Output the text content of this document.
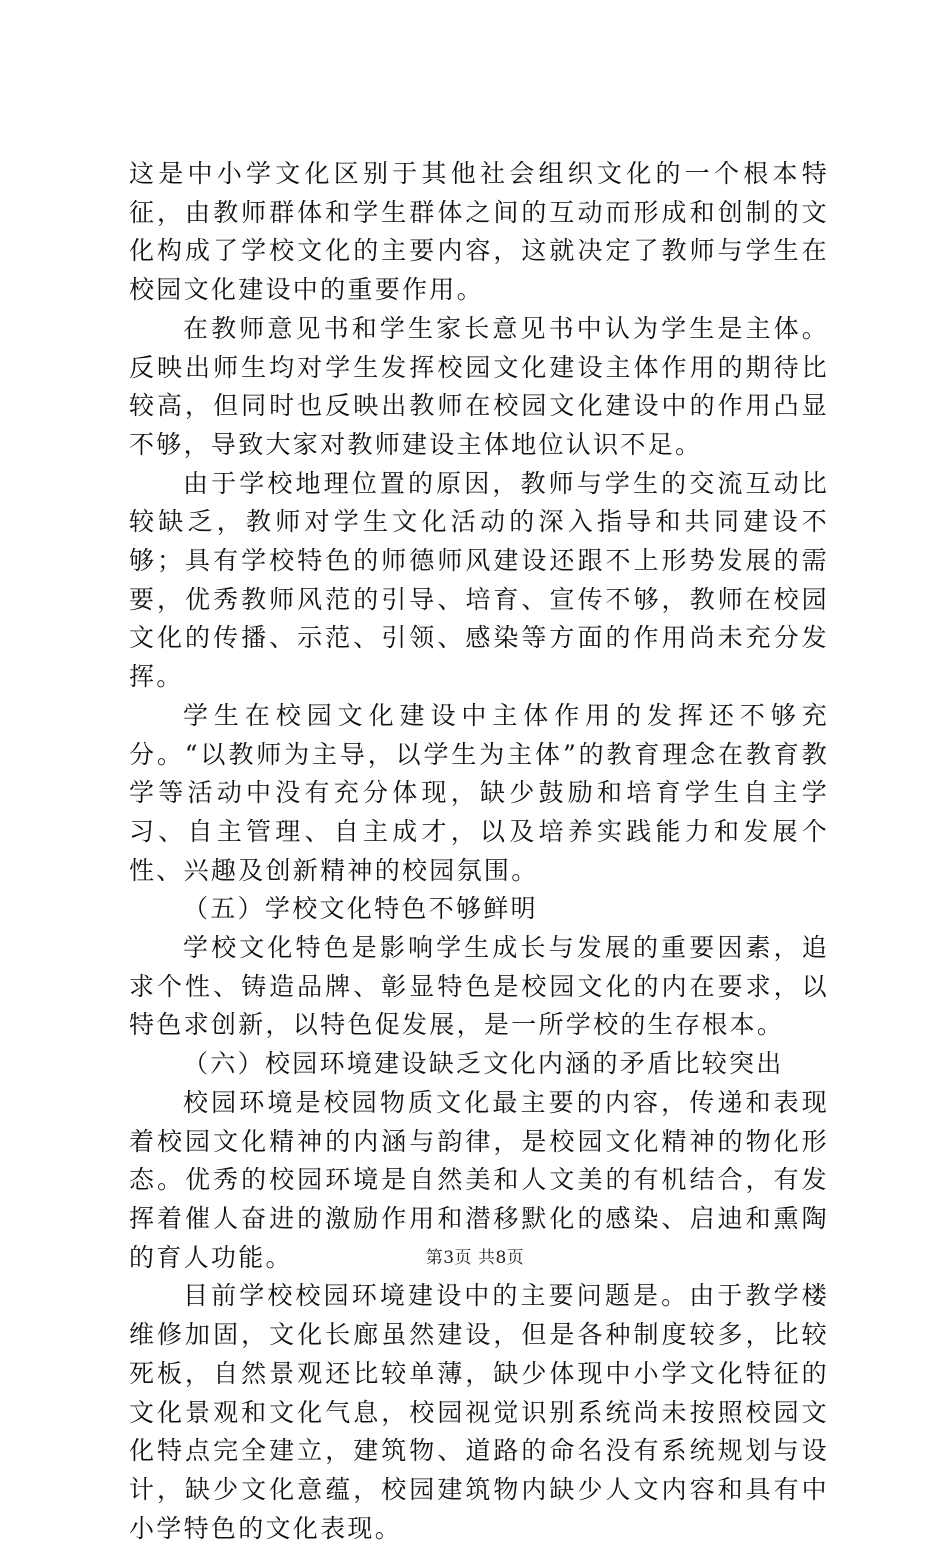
这是中小学文化区别于其他社会组织文化的一个根本特征，由教师群体和学生群体之间的互动而形成和创制的文化构成了学校文化的主要内容，这就决定了教师与学生在校园文化建设中的重要作用。

在教师意见书和学生家长意见书中认为学生是主体。反映出师生均对学生发挥校园文化建设主体作用的期待比较高，但同时也反映出教师在校园文化建设中的作用凸显不够，导致大家对教师建设主体地位认识不足。

由于学校地理位置的原因，教师与学生的交流互动比较缺乏，教师对学生文化活动的深入指导和共同建设不够；具有学校特色的师德师风建设还跟不上形势发展的需要，优秀教师风范的引导、培育、宣传不够，教师在校园文化的传播、示范、引领、感染等方面的作用尚未充分发挥。

学生在校园文化建设中主体作用的发挥还不够充分。“以教师为主导，以学生为主体”的教育理念在教育教学等活动中没有充分体现，缺少鼓励和培育学生自主学习、自主管理、自主成才，以及培养实践能力和发展个性、兴趣及创新精神的校园氛围。

（五）学校文化特色不够鲜明

学校文化特色是影响学生成长与发展的重要因素，追求个性、铸造品牌、彰显特色是校园文化的内在要求，以特色求创新，以特色促发展，是一所学校的生存根本。

（六）校园环境建设缺乏文化内涵的矛盾比较突出

校园环境是校园物质文化最主要的内容，传递和表现着校园文化精神的内涵与韵律，是校园文化精神的物化形态。优秀的校园环境是自然美和人文美的有机结合，有发挥着催人奋进的激励作用和潜移默化的感染、启迪和熏陶的育人功能。

目前学校校园环境建设中的主要问题是。由于教学楼维修加固，文化长廊虽然建设，但是各种制度较多，比较死板，自然景观还比较单薄，缺少体现中小学文化特征的文化景观和文化气息，校园视觉识别系统尚未按照校园文化特点完全建立，建筑物、道路的命名没有系统规划与设计，缺少文化意蕴，校园建筑物内缺少人文内容和具有中小学特色的文化表现。

第3页 共8页
